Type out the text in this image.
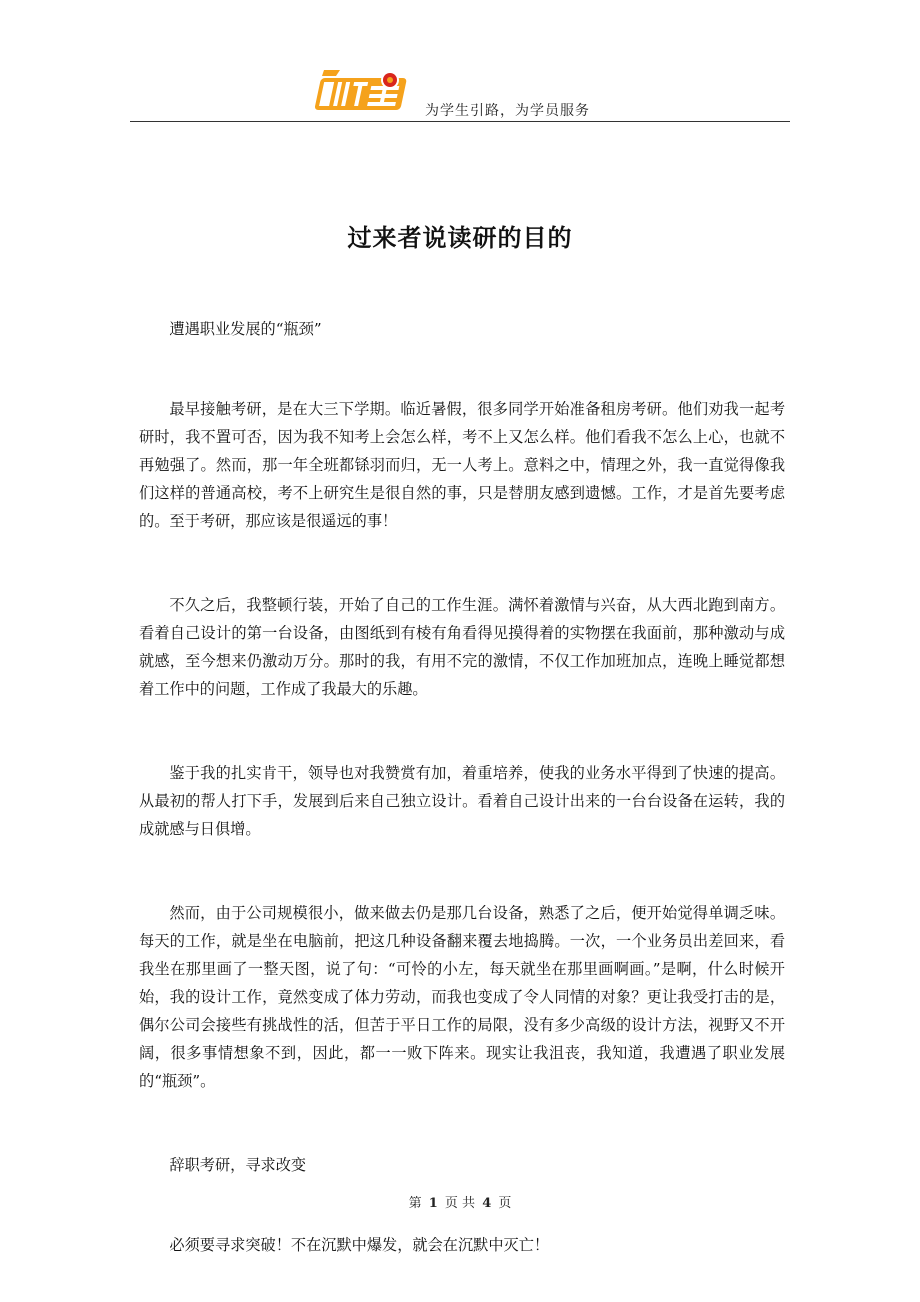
为学生引路，为学员服务
过来者说读研的目的

遭遇职业发展的“瓶颈”

最早接触考研，是在大三下学期。临近暑假，很多同学开始准备租房考研。他们劝我一起考研时，我不置可否，因为我不知考上会怎么样，考不上又怎么样。他们看我不怎么上心，也就不再勉强了。然而，那一年全班都铩羽而归，无一人考上。意料之中，情理之外，我一直觉得像我们这样的普通高校，考不上研究生是很自然的事，只是替朋友感到遗憾。工作，才是首先要考虑的。至于考研，那应该是很遥远的事！

不久之后，我整顿行装，开始了自己的工作生涯。满怀着激情与兴奋，从大西北跑到南方。看着自己设计的第一台设备，由图纸到有棱有角看得见摸得着的实物摆在我面前，那种激动与成就感，至今想来仍激动万分。那时的我，有用不完的激情，不仅工作加班加点，连晚上睡觉都想着工作中的问题，工作成了我最大的乐趣。

鉴于我的扎实肯干，领导也对我赞赏有加，着重培养，使我的业务水平得到了快速的提高。从最初的帮人打下手，发展到后来自己独立设计。看着自己设计出来的一台台设备在运转，我的成就感与日俱增。

然而，由于公司规模很小，做来做去仍是那几台设备，熟悉了之后，便开始觉得单调乏味。每天的工作，就是坐在电脑前，把这几种设备翻来覆去地捣腾。一次，一个业务员出差回来，看我坐在那里画了一整天图，说了句：“可怜的小左，每天就坐在那里画啊画。”是啊，什么时候开始，我的设计工作，竟然变成了体力劳动，而我也变成了令人同情的对象？更让我受打击的是，偶尔公司会接些有挑战性的活，但苦于平日工作的局限，没有多少高级的设计方法，视野又不开阔，很多事情想象不到，因此，都一一败下阵来。现实让我沮丧，我知道，我遭遇了职业发展的“瓶颈”。

辞职考研，寻求改变

必须要寻求突破！不在沉默中爆发，就会在沉默中灭亡！

第 1 页 共 4 页
